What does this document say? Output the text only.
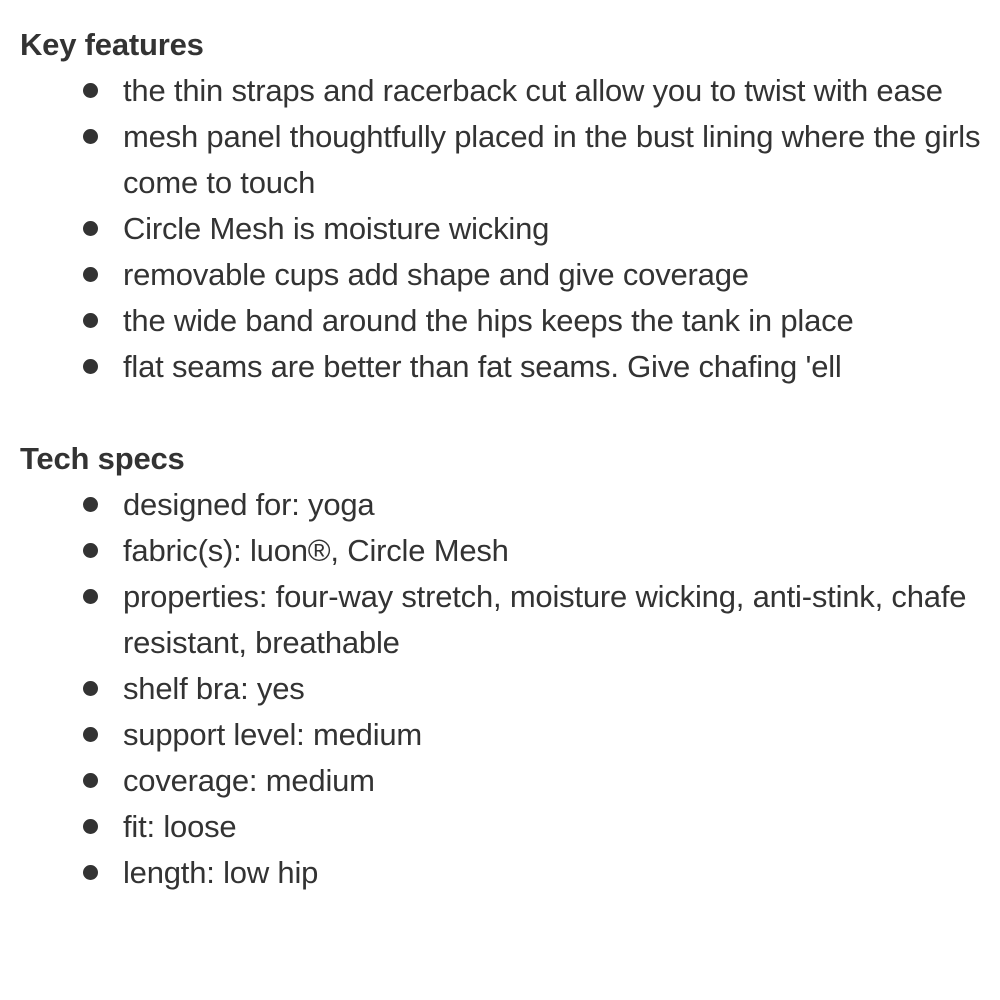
Key features
the thin straps and racerback cut allow you to twist with ease
mesh panel thoughtfully placed in the bust lining where the girls come to touch
Circle Mesh is moisture wicking
removable cups add shape and give coverage
the wide band around the hips keeps the tank in place
flat seams are better than fat seams. Give chafing 'ell
Tech specs
designed for: yoga
fabric(s): luon®, Circle Mesh
properties: four-way stretch, moisture wicking, anti-stink, chafe resistant, breathable
shelf bra: yes
support level: medium
coverage: medium
fit: loose
length: low hip
